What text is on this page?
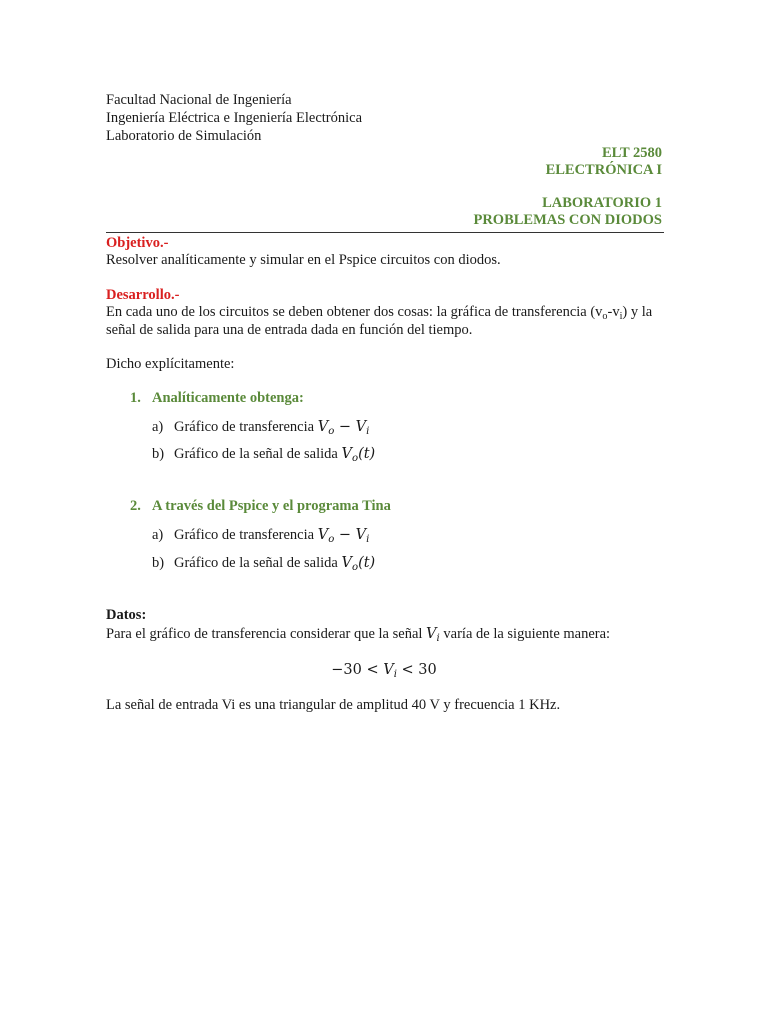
Facultad Nacional de Ingeniería
Ingeniería Eléctrica e Ingeniería Electrónica
Laboratorio de Simulación
ELT 2580
ELECTRÓNICA I
LABORATORIO 1
PROBLEMAS CON DIODOS
Objetivo.-
Resolver analíticamente y simular en el Pspice circuitos con diodos.
Desarrollo.-
En cada uno de los circuitos se deben obtener dos cosas: la gráfica de transferencia $(v_o-v_i)$ y la
señal de salida para una de entrada dada en función del tiempo.
Dicho explícitamente:
1. Analíticamente obtenga:
a) Gráfico de transferencia $V_o - V_i$
b) Gráfico de la señal de salida $V_o(t)$
2. A través del Pspice y el programa Tina
a) Gráfico de transferencia $V_o - V_i$
b) Gráfico de la señal de salida $V_o(t)$
Datos:
Para el gráfico de transferencia considerar que la señal $V_i$ varía de la siguiente manera:
$-30 < V_i < 30$
La señal de entrada Vi es una triangular de amplitud 40 V y frecuencia 1 KHz.
